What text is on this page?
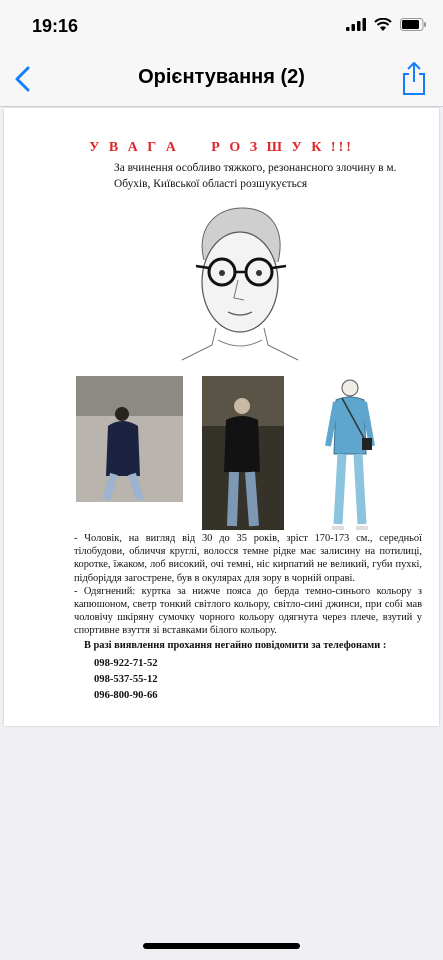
19:16
Орієнтування (2)
У В А Г А     Р О З Ш У К !!!
За вчинення особливо тяжкого, резонансного злочину в м. Обухів, Київської області розшукується

- Чоловік, на вигляд від 30 до 35 років, зріст 170-173 см., середньої тілобудови, обличчя круглі, волосся темне рідке має залисину на потилиці, коротке, їжаком, лоб високий, очі темні, ніс кирпатий не великий, губи пухкі, підборіддя загострене, був в окулярах для зору в чорній оправі.

- Одягнений: куртка за нижче пояса до берда темно-синього кольору з капюшоном, светр тонкий світлого кольору, світло-сині джинси, при собі мав чоловічу шкіряну сумочку чорного кольору одягнута через плече, взутий у спортивне взуття зі вставками білого кольору.

В разі виявлення прохання негайно повідомити за телефонами :
098-922-71-52
098-537-55-12
096-800-90-66
